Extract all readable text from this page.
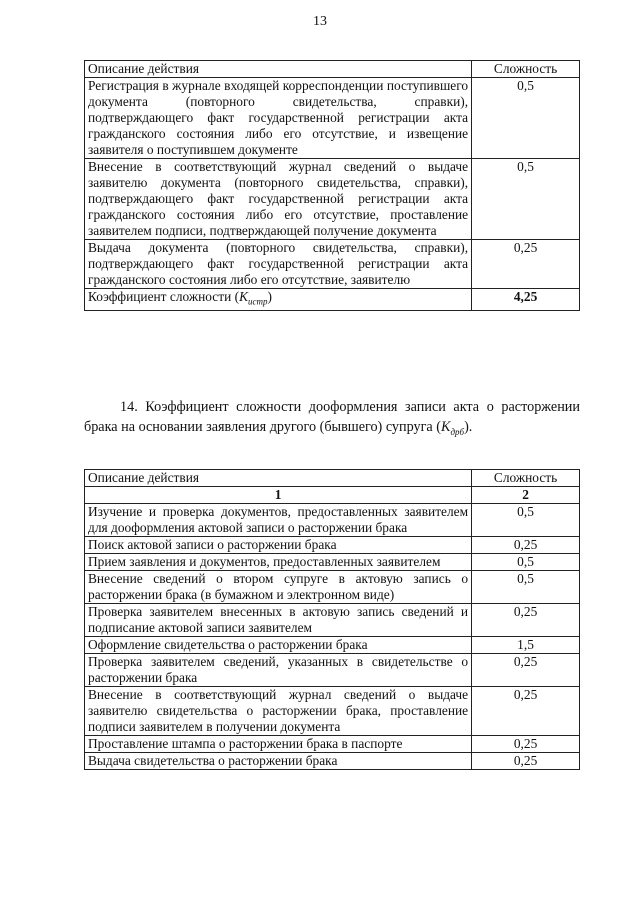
13
Описание действия	Сложность
Регистрация в журнале входящей корреспонденции поступившего документа (повторного свидетельства, справки), подтверждающего факт государственной регистрации акта гражданского состояния либо его отсутствие, и извещение заявителя о поступившем документе	0,5
Внесение в соответствующий журнал сведений о выдаче заявителю документа (повторного свидетельства, справки), подтверждающего факт государственной регистрации акта гражданского состояния либо его отсутствие, проставление заявителем подписи, подтверждающей получение документа	0,5
Выдача документа (повторного свидетельства, справки), подтверждающего факт государственной регистрации акта гражданского состояния либо его отсутствие, заявителю	0,25
Коэффициент сложности $(K_{истр})$	4,25
14. Коэффициент сложности дооформления записи акта о расторжении брака на основании заявления другого (бывшего) супруга $(K_{дрб})$.
Описание действия	Сложность
1	2
Изучение и проверка документов, предоставленных заявителем для дооформления актовой записи о расторжении брака	0,5
Поиск актовой записи о расторжении брака	0,25
Прием заявления и документов, предоставленных заявителем	0,5
Внесение сведений о втором супруге в актовую запись о расторжении брака (в бумажном и электронном виде)	0,5
Проверка заявителем внесенных в актовую запись сведений и подписание актовой записи заявителем	0,25
Оформление свидетельства о расторжении брака	1,5
Проверка заявителем сведений, указанных в свидетельстве о расторжении брака	0,25
Внесение в соответствующий журнал сведений о выдаче заявителю свидетельства о расторжении брака, проставление подписи заявителем в получении документа	0,25
Проставление штампа о расторжении брака в паспорте	0,25
Выдача свидетельства о расторжении брака	0,25
